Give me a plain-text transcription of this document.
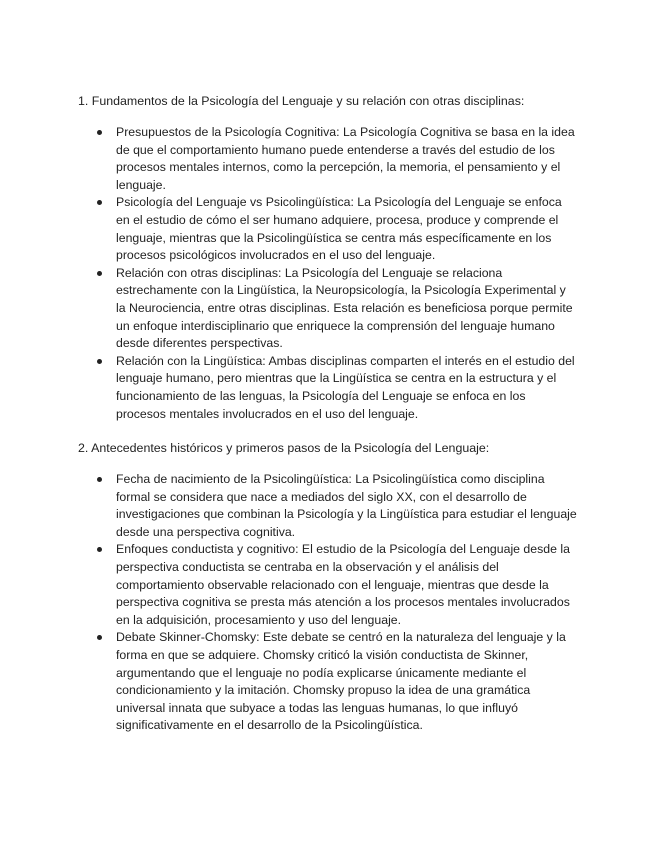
1. Fundamentos de la Psicología del Lenguaje y su relación con otras disciplinas:

Presupuestos de la Psicología Cognitiva: La Psicología Cognitiva se basa en la idea de que el comportamiento humano puede entenderse a través del estudio de los procesos mentales internos, como la percepción, la memoria, el pensamiento y el lenguaje.
Psicología del Lenguaje vs Psicolingüística: La Psicología del Lenguaje se enfoca en el estudio de cómo el ser humano adquiere, procesa, produce y comprende el lenguaje, mientras que la Psicolingüística se centra más específicamente en los procesos psicológicos involucrados en el uso del lenguaje.
Relación con otras disciplinas: La Psicología del Lenguaje se relaciona estrechamente con la Lingüística, la Neuropsicología, la Psicología Experimental y la Neurociencia, entre otras disciplinas. Esta relación es beneficiosa porque permite un enfoque interdisciplinario que enriquece la comprensión del lenguaje humano desde diferentes perspectivas.
Relación con la Lingüística: Ambas disciplinas comparten el interés en el estudio del lenguaje humano, pero mientras que la Lingüística se centra en la estructura y el funcionamiento de las lenguas, la Psicología del Lenguaje se enfoca en los procesos mentales involucrados en el uso del lenguaje.

2. Antecedentes históricos y primeros pasos de la Psicología del Lenguaje:

Fecha de nacimiento de la Psicolingüística: La Psicolingüística como disciplina formal se considera que nace a mediados del siglo XX, con el desarrollo de investigaciones que combinan la Psicología y la Lingüística para estudiar el lenguaje desde una perspectiva cognitiva.
Enfoques conductista y cognitivo: El estudio de la Psicología del Lenguaje desde la perspectiva conductista se centraba en la observación y el análisis del comportamiento observable relacionado con el lenguaje, mientras que desde la perspectiva cognitiva se presta más atención a los procesos mentales involucrados en la adquisición, procesamiento y uso del lenguaje.
Debate Skinner-Chomsky: Este debate se centró en la naturaleza del lenguaje y la forma en que se adquiere. Chomsky criticó la visión conductista de Skinner, argumentando que el lenguaje no podía explicarse únicamente mediante el condicionamiento y la imitación. Chomsky propuso la idea de una gramática universal innata que subyace a todas las lenguas humanas, lo que influyó significativamente en el desarrollo de la Psicolingüística.
